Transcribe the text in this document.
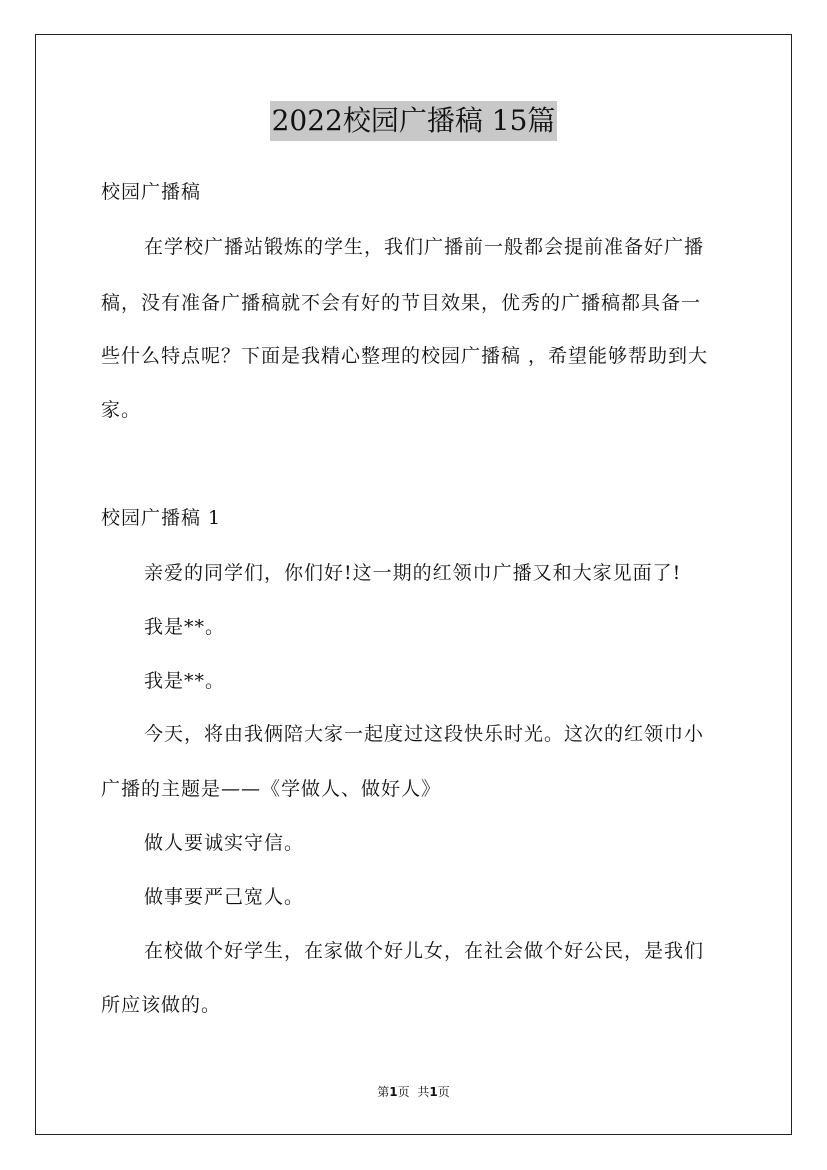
2022校园广播稿 15篇
校园广播稿
在学校广播站锻炼的学生，我们广播前一般都会提前准备好广播
稿，没有准备广播稿就不会有好的节目效果，优秀的广播稿都具备一
些什么特点呢？下面是我精心整理的校园广播稿 ，希望能够帮助到大
家。
校园广播稿 1
亲爱的同学们，你们好!这一期的红领巾广播又和大家见面了!
我是**。
我是**。
今天，将由我俩陪大家一起度过这段快乐时光。这次的红领巾小
广播的主题是——《学做人、做好人》
做人要诚实守信。
做事要严己宽人。
在校做个好学生，在家做个好儿女，在社会做个好公民，是我们
所应该做的。
第1页 共1页
